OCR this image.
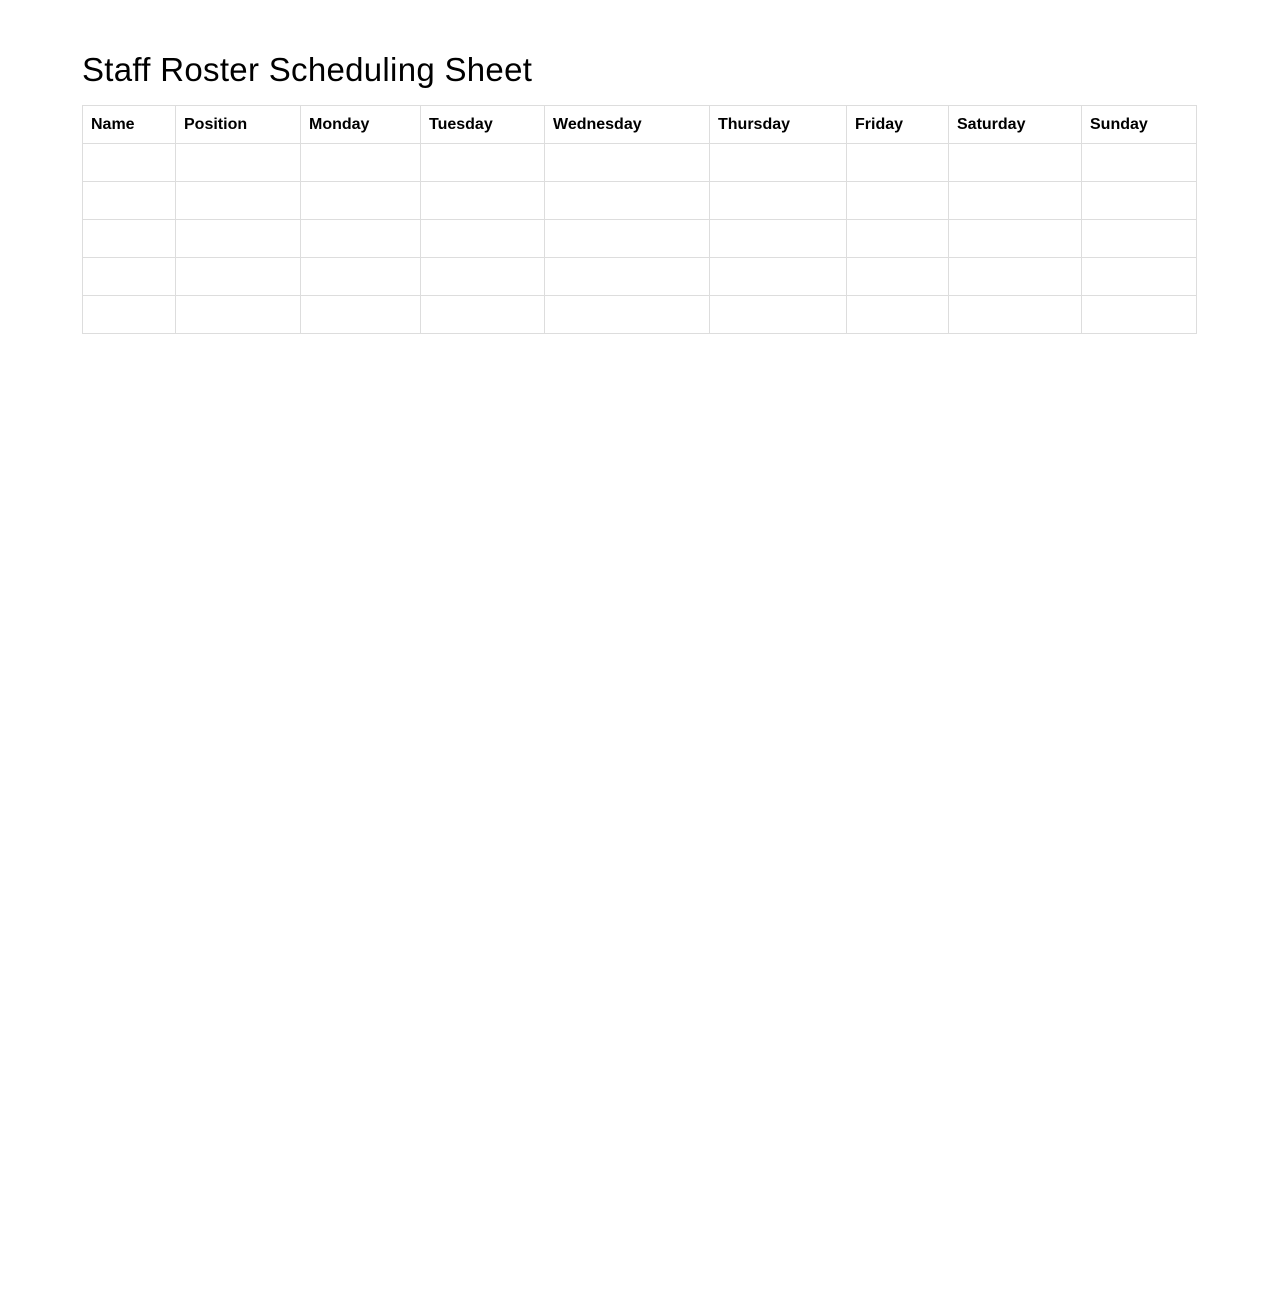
Staff Roster Scheduling Sheet
Name	Position	Monday	Tuesday	Wednesday	Thursday	Friday	Saturday	Sunday
